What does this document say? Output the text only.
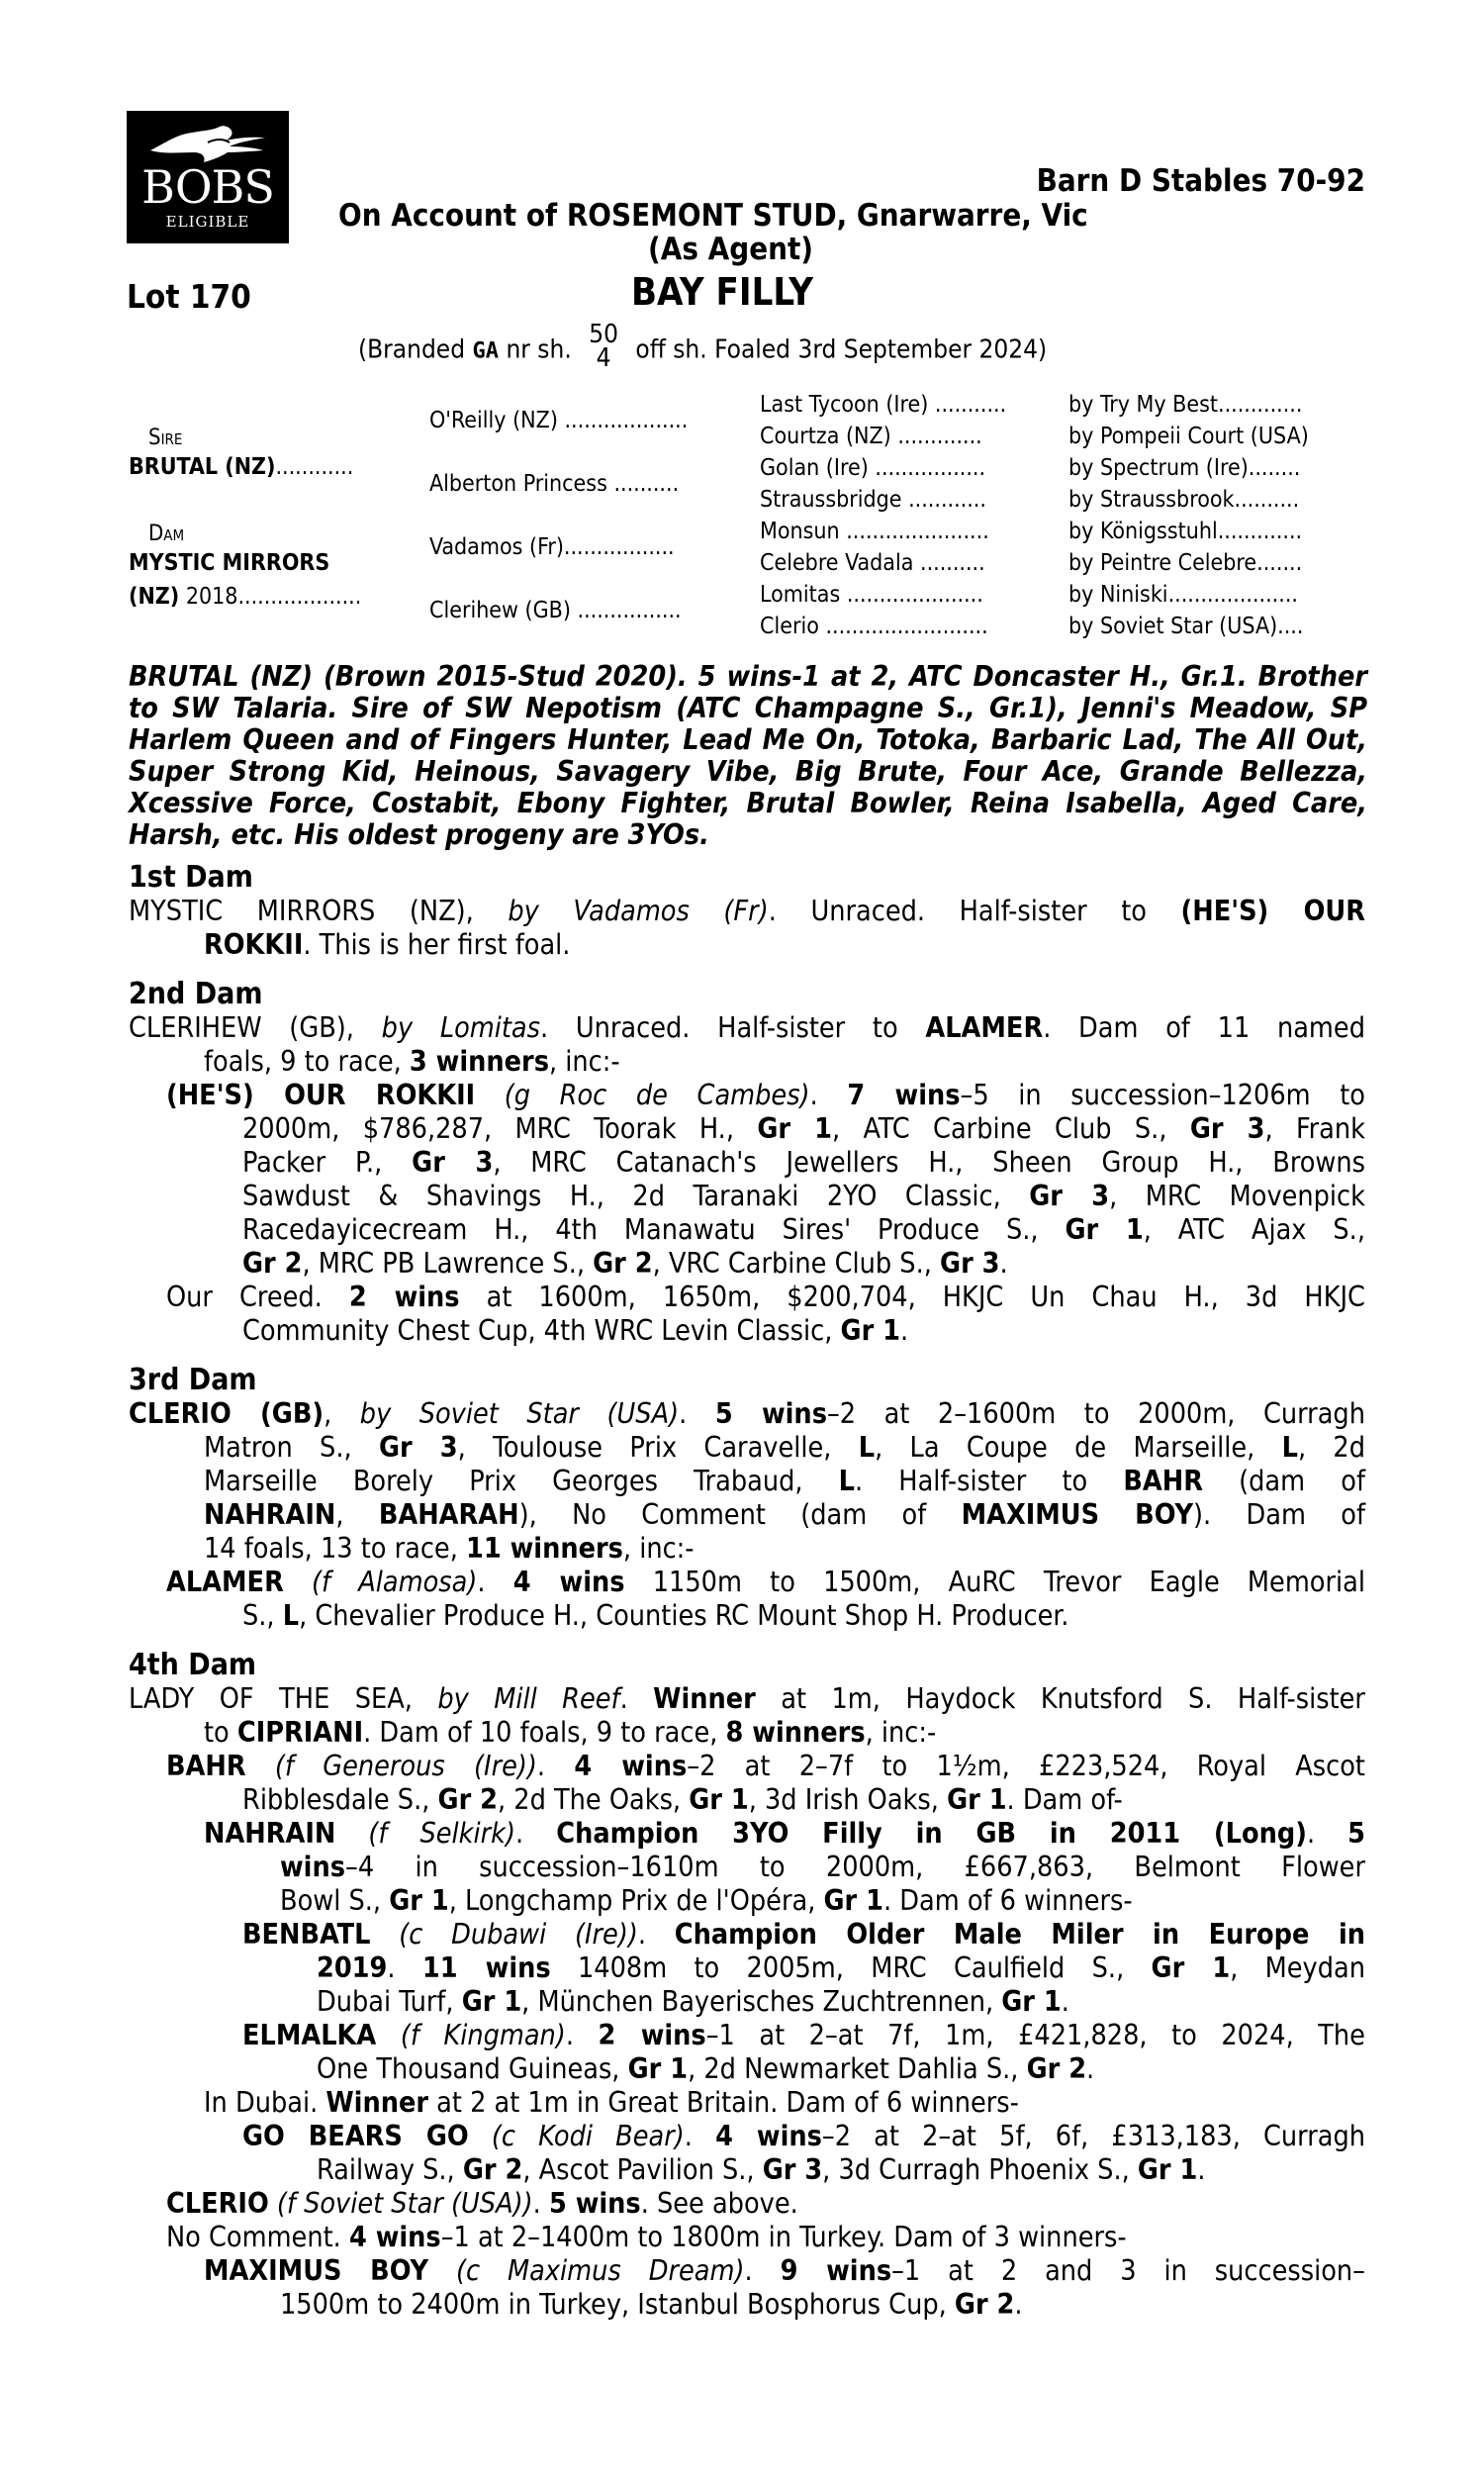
BOBS
ELIGIBLE
Barn D Stables 70-92
On Account of ROSEMONT STUD, Gnarwarre, Vic
(As Agent)
Lot 170	BAY FILLY
(Branded GA nr sh.
50
4 off sh. Foaled 3rd September 2024)
Sire
BRUTAL (NZ)............
Dam
MYSTIC MIRRORS
(NZ) 2018...................
O'Reilly (NZ) ...................
Alberton Princess ..........
Vadamos (Fr).................
Clerihew (GB) ................
Last Tycoon (Ire) ...........	by Try My Best.............
Courtza (NZ) .............	by Pompeii Court (USA)
Golan (Ire) .................	by Spectrum (Ire)........
Straussbridge ............	by Straussbrook..........
Monsun ......................	by Königsstuhl.............
Celebre Vadala ..........	by Peintre Celebre.......
Lomitas .....................	by Niniski....................
Clerio .........................	by Soviet Star (USA)....
BRUTAL (NZ) (Brown 2015-Stud 2020). 5 wins-1 at 2, ATC Doncaster H., Gr.1. Brother to SW Talaria. Sire of SW Nepotism (ATC Champagne S., Gr.1), Jenni's Meadow, SP Harlem Queen and of Fingers Hunter, Lead Me On, Totoka, Barbaric Lad, The All Out, Super Strong Kid, Heinous, Savagery Vibe, Big Brute, Four Ace, Grande Bellezza, Xcessive Force, Costabit, Ebony Fighter, Brutal Bowler, Reina Isabella, Aged Care, Harsh, etc. His oldest progeny are 3YOs.
1st Dam
MYSTIC MIRRORS (NZ), by Vadamos (Fr). Unraced. Half-sister to (HE'S) OUR
ROKKII. This is her first foal.
2nd Dam
CLERIHEW (GB), by Lomitas. Unraced. Half-sister to ALAMER. Dam of 11 named
foals, 9 to race, 3 winners, inc:-
(HE'S) OUR ROKKII (g Roc de Cambes). 7 wins–5 in succession–1206m to
2000m, $786,287, MRC Toorak H., Gr 1, ATC Carbine Club S., Gr 3, Frank
Packer P., Gr 3, MRC Catanach's Jewellers H., Sheen Group H., Browns
Sawdust & Shavings H., 2d Taranaki 2YO Classic, Gr 3, MRC Movenpick
Racedayicecream H., 4th Manawatu Sires' Produce S., Gr 1, ATC Ajax S.,
Gr 2, MRC PB Lawrence S., Gr 2, VRC Carbine Club S., Gr 3.
Our Creed. 2 wins at 1600m, 1650m, $200,704, HKJC Un Chau H., 3d HKJC
Community Chest Cup, 4th WRC Levin Classic, Gr 1.
3rd Dam
CLERIO (GB), by Soviet Star (USA). 5 wins–2 at 2–1600m to 2000m, Curragh
Matron S., Gr 3, Toulouse Prix Caravelle, L, La Coupe de Marseille, L, 2d
Marseille Borely Prix Georges Trabaud, L. Half-sister to BAHR (dam of
NAHRAIN, BAHARAH), No Comment (dam of MAXIMUS BOY). Dam of
14 foals, 13 to race, 11 winners, inc:-
ALAMER (f Alamosa). 4 wins 1150m to 1500m, AuRC Trevor Eagle Memorial
S., L, Chevalier Produce H., Counties RC Mount Shop H. Producer.
4th Dam
LADY OF THE SEA, by Mill Reef. Winner at 1m, Haydock Knutsford S. Half-sister
to CIPRIANI. Dam of 10 foals, 9 to race, 8 winners, inc:-
BAHR (f Generous (Ire)). 4 wins–2 at 2–7f to 1½m, £223,524, Royal Ascot
Ribblesdale S., Gr 2, 2d The Oaks, Gr 1, 3d Irish Oaks, Gr 1. Dam of-
NAHRAIN (f Selkirk). Champion 3YO Filly in GB in 2011 (Long). 5
wins–4 in succession–1610m to 2000m, £667,863, Belmont Flower
Bowl S., Gr 1, Longchamp Prix de l'Opéra, Gr 1. Dam of 6 winners-
BENBATL (c Dubawi (Ire)). Champion Older Male Miler in Europe in
2019. 11 wins 1408m to 2005m, MRC Caulfield S., Gr 1, Meydan
Dubai Turf, Gr 1, München Bayerisches Zuchtrennen, Gr 1.
ELMALKA (f Kingman). 2 wins–1 at 2–at 7f, 1m, £421,828, to 2024, The
One Thousand Guineas, Gr 1, 2d Newmarket Dahlia S., Gr 2.
In Dubai. Winner at 2 at 1m in Great Britain. Dam of 6 winners-
GO BEARS GO (c Kodi Bear). 4 wins–2 at 2–at 5f, 6f, £313,183, Curragh
Railway S., Gr 2, Ascot Pavilion S., Gr 3, 3d Curragh Phoenix S., Gr 1.
CLERIO (f Soviet Star (USA)). 5 wins. See above.
No Comment. 4 wins–1 at 2–1400m to 1800m in Turkey. Dam of 3 winners-
MAXIMUS BOY (c Maximus Dream). 9 wins–1 at 2 and 3 in succession–
1500m to 2400m in Turkey, Istanbul Bosphorus Cup, Gr 2.
